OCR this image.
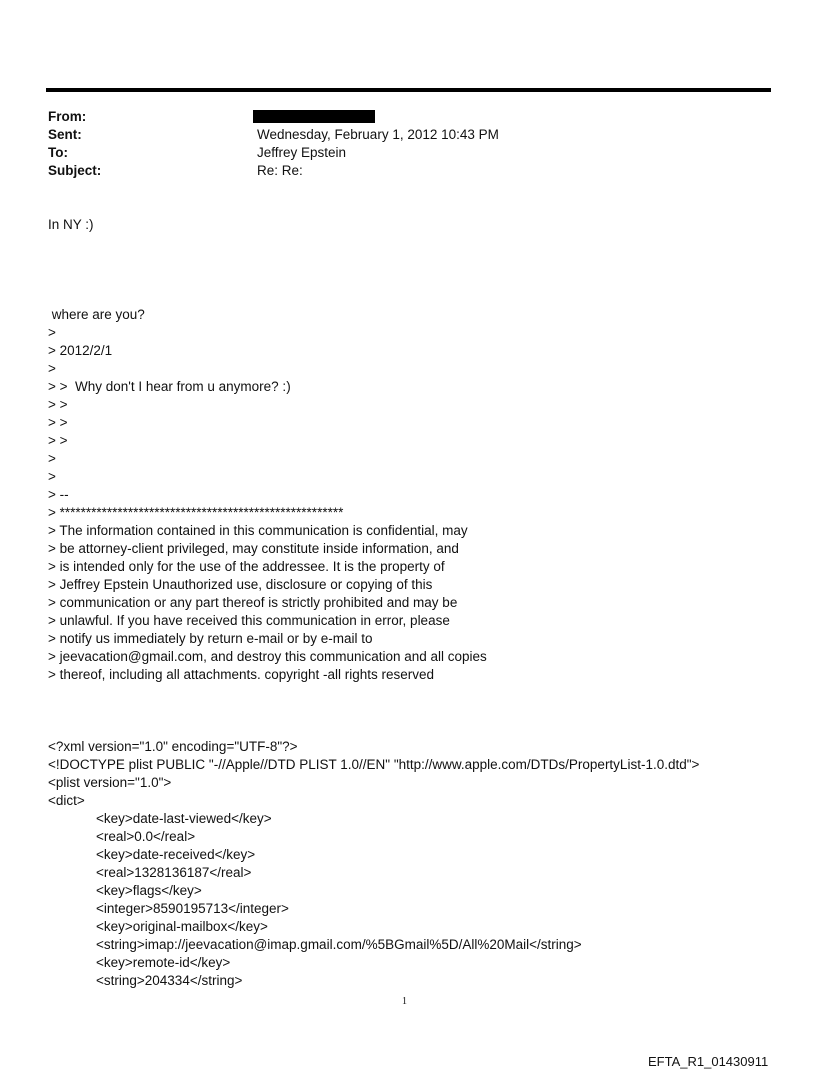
From:
Sent:	Wednesday, February 1, 2012 10:43 PM
To:	Jeffrey Epstein
Subject:	Re: Re:
In NY :)
where are you?
>
> 2012/2/1
>
> >  Why don't I hear from u anymore? :)
> >
> >
> >
>
>
> --
> ******************************************************
> The information contained in this communication is confidential, may
> be attorney-client privileged, may constitute inside information, and
> is intended only for the use of the addressee. It is the property of
> Jeffrey Epstein Unauthorized use, disclosure or copying of this
> communication or any part thereof is strictly prohibited and may be
> unlawful. If you have received this communication in error, please
> notify us immediately by return e-mail or by e-mail to
> jeevacation@gmail.com, and destroy this communication and all copies
> thereof, including all attachments. copyright -all rights reserved
<?xml version="1.0" encoding="UTF-8"?>
<!DOCTYPE plist PUBLIC "-//Apple//DTD PLIST 1.0//EN" "http://www.apple.com/DTDs/PropertyList-1.0.dtd">
<plist version="1.0">
<dict>
<key>date-last-viewed</key>
<real>0.0</real>
<key>date-received</key>
<real>1328136187</real>
<key>flags</key>
<integer>8590195713</integer>
<key>original-mailbox</key>
<string>imap://jeevacation@imap.gmail.com/%5BGmail%5D/All%20Mail</string>
<key>remote-id</key>
<string>204334</string>
1
EFTA_R1_01430911
